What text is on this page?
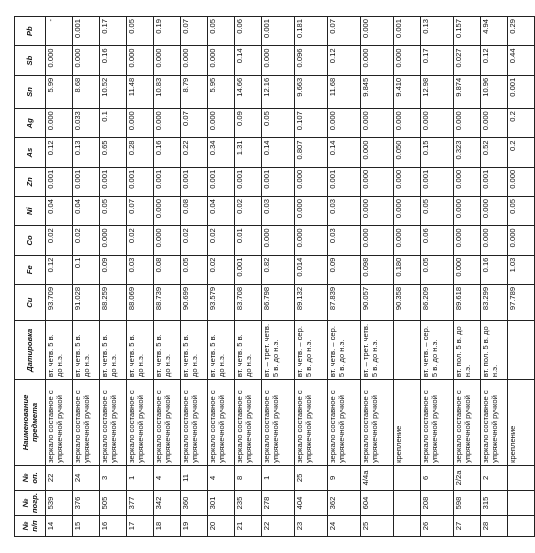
№ п/п	№ погр.	№ оп.	Наименование предмета	Датировка	Cu	Fe	Co	Ni	Zn	As	Ag	Sn	Sb	Pb
14	539	22	зеркало составное с упряжечной ручкой	вт. четв. 5 в. до н.э.	93.709	0.12	0.02	0.04	0.001	0.12	0.000	5.99	0.000	-
15	376	24	зеркало составное с упряжечной ручкой	вт. четв. 5 в. до н.э.	91.028	0.1	0.02	0.04	0.001	0.13	0.033	8.68	0.000	0.001
16	505	3	зеркало составное с упряжечной ручкой	вт. четв. 5 в. до н.э.	88.259	0.09	0.000	0.05	0.001	0.65	0.1	10.52	0.16	0.17
17	377	1	зеркало составное с упряжечной ручкой	вт. четв. 5 в. до н.э.	88.069	0.03	0.02	0.07	0.001	0.28	0.000	11.48	0.000	0.05
18	342	4	зеркало составное с упряжечной ручкой	вт. четв. 5 в. до н.э.	88.739	0.08	0.000	0.000	0.001	0.16	0.000	10.83	0.000	0.19
19	360	11	зеркало составное с упряжечной ручкой	вт. четв. 5 в. до н.э.	90.699	0.05	0.02	0.08	0.001	0.22	0.07	8.79	0.000	0.07
20	301	4	зеркало составное с упряжечной ручкой	вт. четв. 5 в. до н.э.	93.579	0.02	0.02	0.04	0.001	0.34	0.000	5.95	0.000	0.05
21	235	8	зеркало составное с упряжечной ручкой	вт. четв. 5 в. до н.э.	83.708	0.001	0.01	0.02	0.001	1.31	0.09	14.66	0.14	0.06
22	278	1	зеркало составное с упряжечной ручкой	вт. – трет. четв. 5 в. до н.э.	86.798	0.82	0.000	0.03	0.001	0.14	0.05	12.16	0.000	0.001
23	404	25	зеркало составное с упряжечной ручкой	вт. четв. – сер. 5 в. до н.э.	89.132	0.014	0.000	0.000	0.000	0.807	0.107	9.663	0.096	0.181
24	362	9	зеркало составное с упряжечной ручкой	вт. четв. – сер. 5 в. до н.э.	87.839	0.09	0.03	0.03	0.001	0.14	0.000	11.68	0.12	0.07
25	604	4/4а	зеркало составное с упряжечной ручкой	вт. – трет. четв. 5 в. до н.э.	90.057	0.098	0.000	0.000	0.000	0.000	0.000	9.845	0.000	0.000
			крепление		90.358	0.180	0.000	0.000	0.000	0.050	0.000	9.410	0.000	0.001
26	208	6	зеркало составное с упряжечной ручкой	вт. четв. – сер. 5 в. до н.э.	86.209	0.05	0.06	0.05	0.001	0.15	0.000	12.98	0.17	0.13
27	598	2/2а	зеркало составное с упряжечной ручкой	вт. пол. 5 в. до н.э.	89.618	0.000	0.000	0.000	0.000	0.323	0.000	9.874	0.027	0.157
28	315	2	зеркало составное с упряжечной ручкой	вт. пол. 5 в. до н.э.	83.299	0.16	0.000	0.000	0.001	0.52	0.000	10.96	0.12	4.94
			крепление		97.789	1.03	0.000	0.05	0.000	0.2	0.2	0.001	0.44	0.29
